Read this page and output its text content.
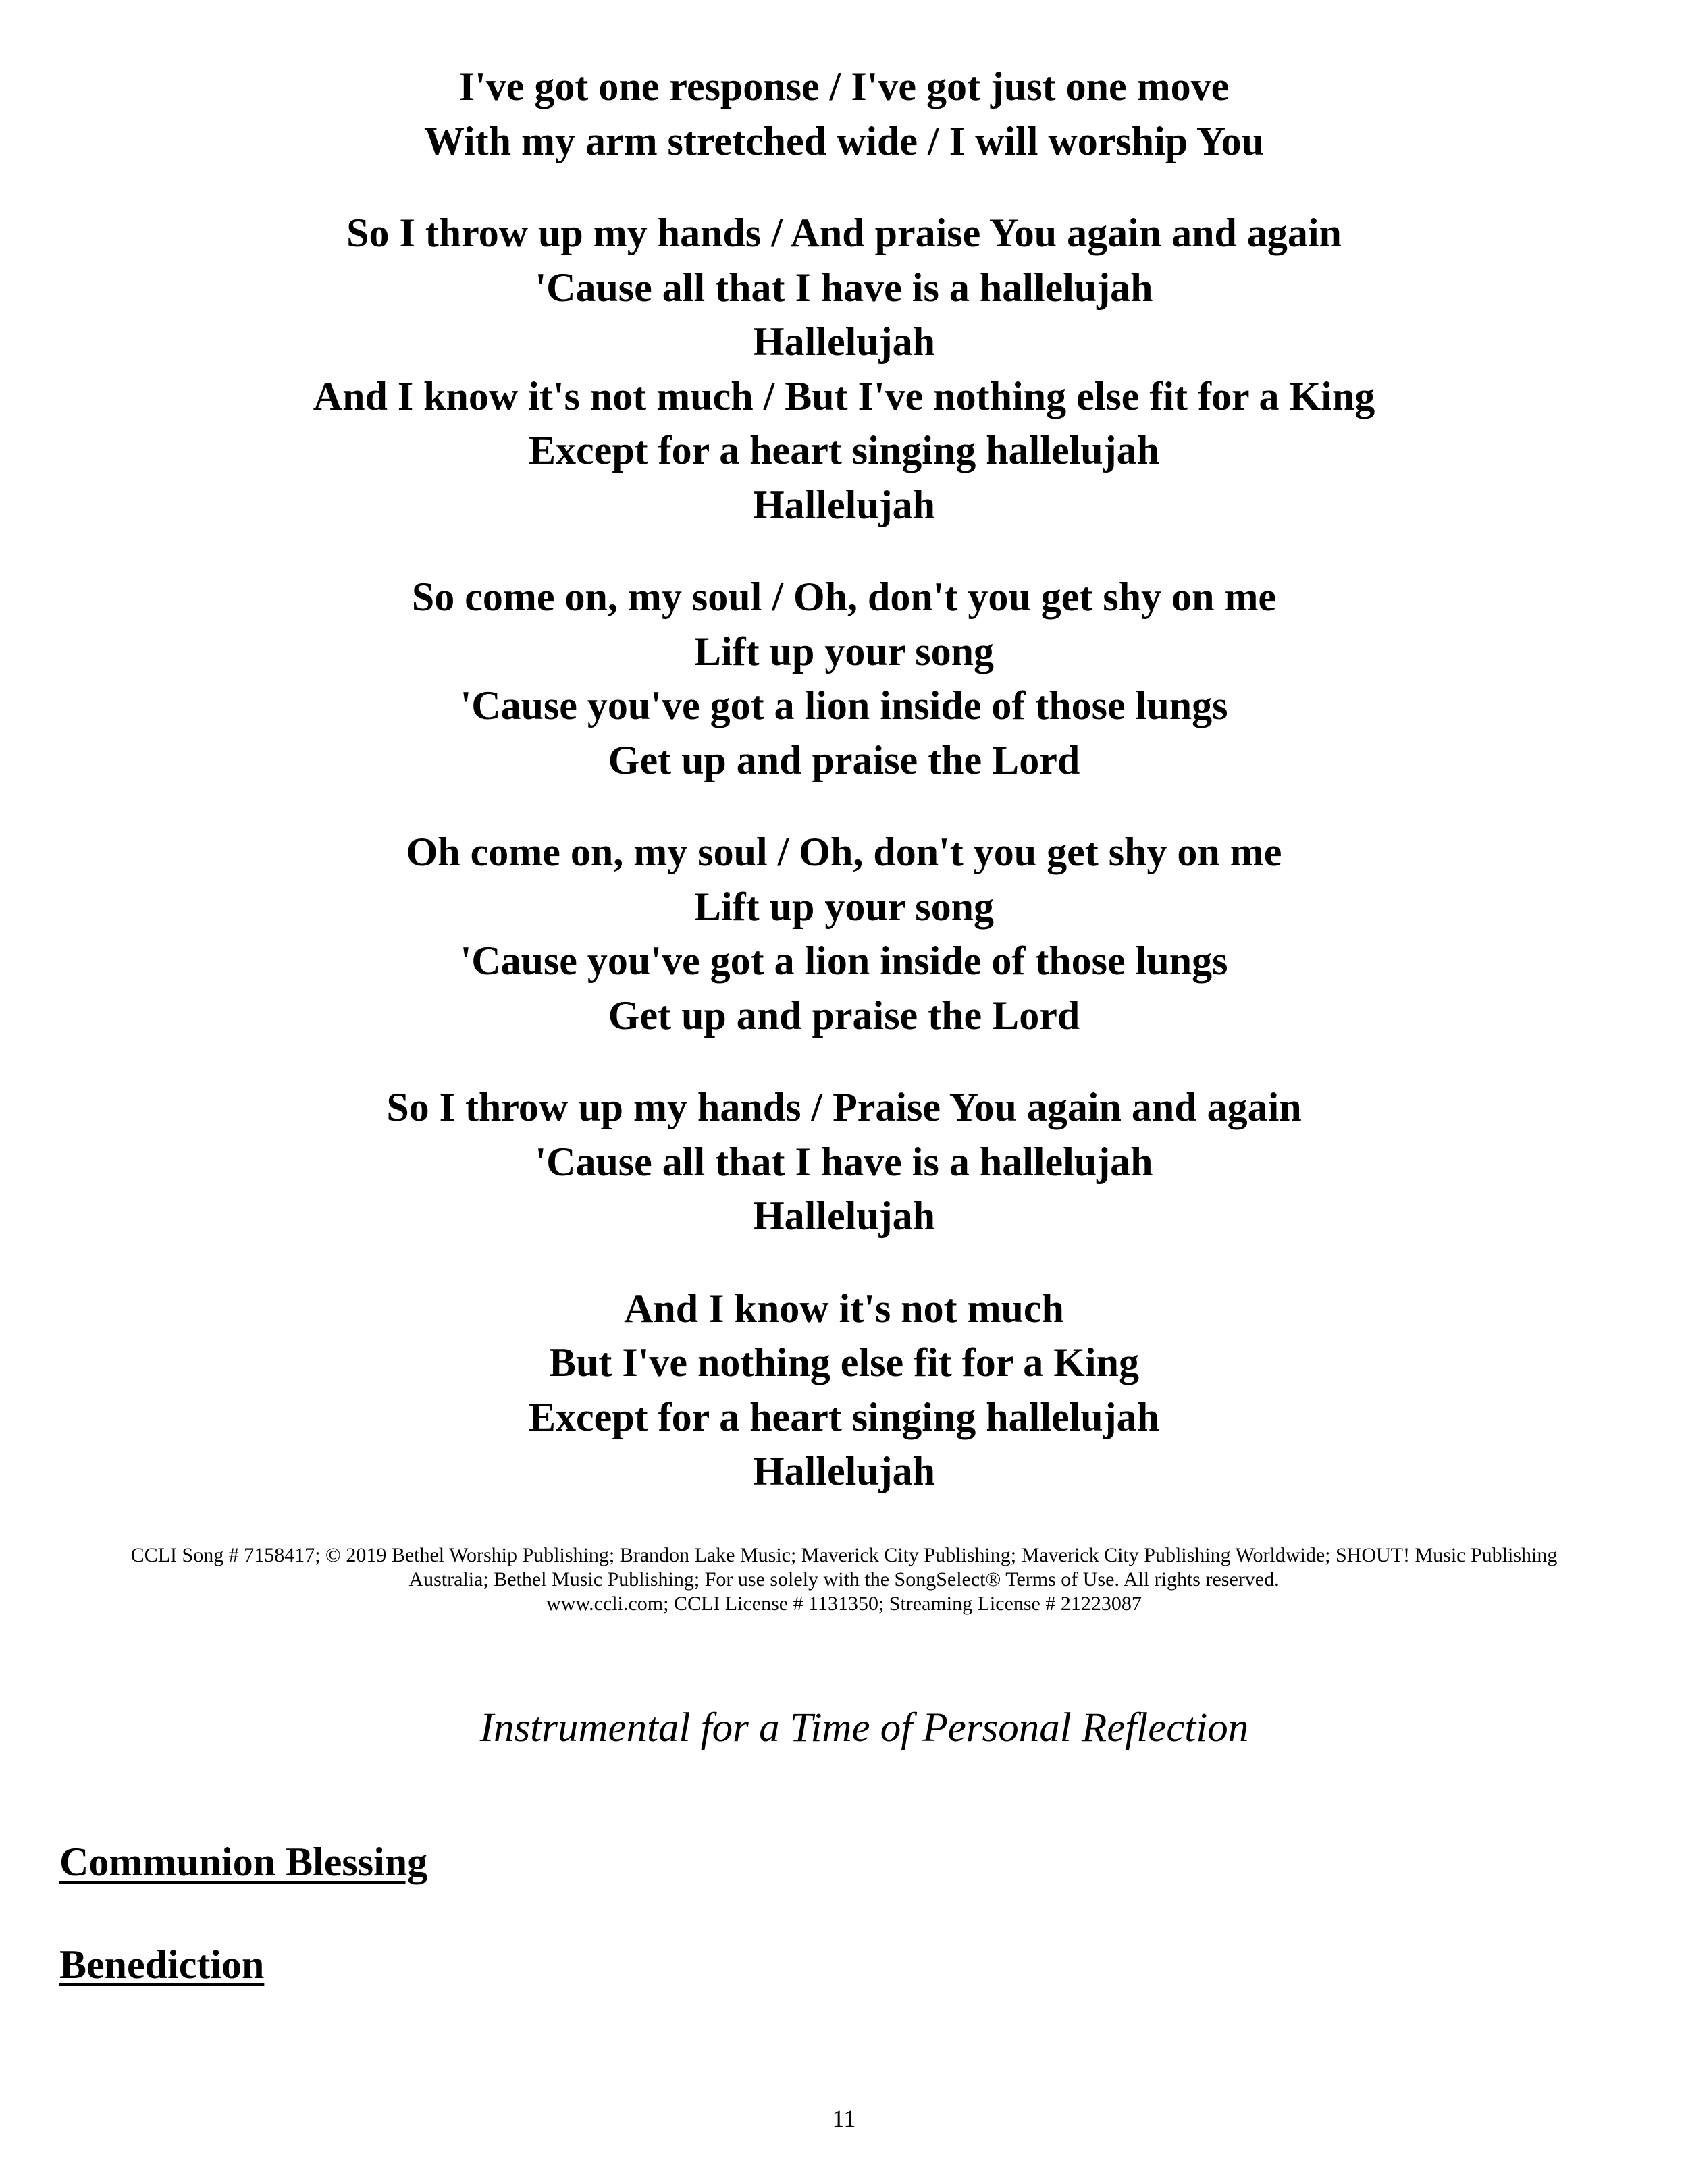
I've got one response / I've got just one move
With my arm stretched wide / I will worship You
So I throw up my hands / And praise You again and again
'Cause all that I have is a hallelujah
Hallelujah
And I know it's not much / But I've nothing else fit for a King
Except for a heart singing hallelujah
Hallelujah
So come on, my soul / Oh, don't you get shy on me
Lift up your song
'Cause you've got a lion inside of those lungs
Get up and praise the Lord
Oh come on, my soul / Oh, don't you get shy on me
Lift up your song
'Cause you've got a lion inside of those lungs
Get up and praise the Lord
So I throw up my hands / Praise You again and again
'Cause all that I have is a hallelujah
Hallelujah
And I know it's not much
But I've nothing else fit for a King
Except for a heart singing hallelujah
Hallelujah
CCLI Song # 7158417; © 2019 Bethel Worship Publishing; Brandon Lake Music; Maverick City Publishing; Maverick City Publishing Worldwide; SHOUT! Music Publishing
Australia; Bethel Music Publishing; For use solely with the SongSelect® Terms of Use. All rights reserved.
www.ccli.com; CCLI License # 1131350; Streaming License # 21223087
Instrumental for a Time of Personal Reflection
Communion Blessing
Benediction
11
